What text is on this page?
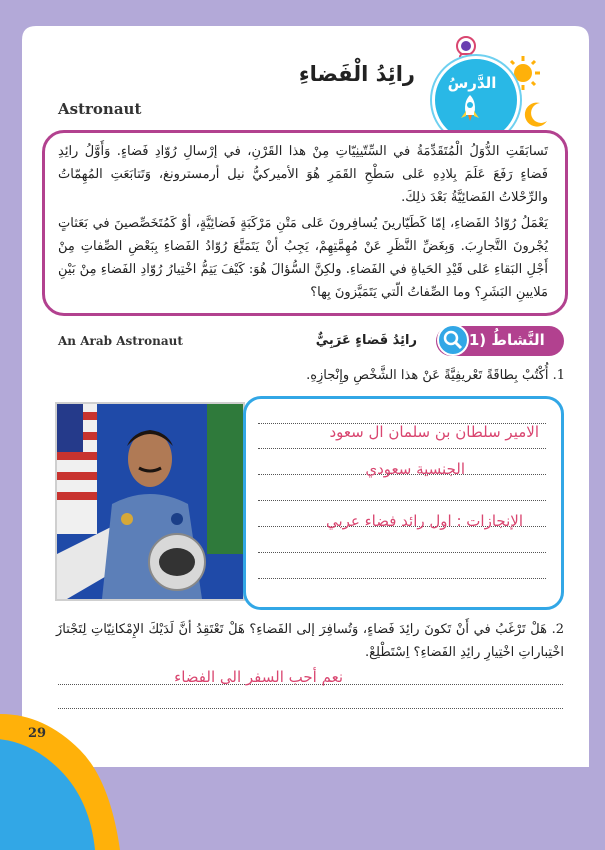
الدَّرسُ
رائِدُ الْفَضاءِ
Astronaut
تَسابَقَتِ الدُّوَلُ الْمُتَقَدِّمَةُ في السِّتّينِيّاتِ مِنْ هذا القَرْنِ، في إرْسالِ رُوّادِ فَضاءٍ. وَأَوَّلُ رائِدِ فَضاءٍ رَفَعَ عَلَمَ بِلادِهِ عَلى سَطْحِ القَمَرِ هُوَ الأميركيُّ نيل أرمسترونغ، وَتَتابَعَتِ المُهِمّاتُ والرِّحْلاتُ الفَضائِيَّةُ بَعْدَ ذلِكَ.
يَعْمَلُ رُوّادُ الفَضاءِ، إمّا كَطَيّارينَ يُسافِرونَ عَلى مَتْنِ مَرْكَبَةٍ فَضائِيَّةٍ، أوْ كَمُتَخَصِّصينَ في بَعَثاتٍ يُجْرونَ التَّجارِبَ. وَبِغَضِّ النَّظَرِ عَنْ مُهِمَّتِهِمْ، يَجِبُ أنْ يَتَمَتَّعَ رُوّادُ الفَضاءِ بِبَعْضِ الصِّفاتِ مِنْ أَجْلِ البَقاءِ عَلى قَيْدِ الحَياةِ في الفَضاءِ. ولكِنَّ السُّؤالَ هُوَ: كَيْفَ يَتِمُّ اخْتِيارُ رُوّادِ الفَضاءِ مِنْ بَيْنِ مَلايينِ البَشَرِ؟ وما الصِّفاتُ الّتي يَتَمَيَّزونَ بِها؟
An Arab Astronaut	رائِدُ فَضاءٍ عَرَبِيٌّ	النَّشاطُ (1
1. أُكْتُبْ بِطاقَةً تَعْريفِيَّةً عَنْ هذا الشَّخْصِ وإِنْجازِهِ.
الامير سلطان بن سلمان ال سعود
الجنسية سعودي
الإنجازات : اول رائد فضاء عربي
2. هَلْ تَرْغَبُ في أَنْ تَكونَ رائِدَ فَضاءٍ، وَتُسافِرَ إلى الفَضاءِ؟ هَلْ تَعْتَقِدُ أنَّ لَدَيْكَ الإِمْكانِيّاتِ لِتَجْتازَ اخْتِباراتِ اخْتِيارِ رائِدِ الفَضاءِ؟ اِسْتَطْلِعْ.
نعم أحب السفر الى الفضاء
29
